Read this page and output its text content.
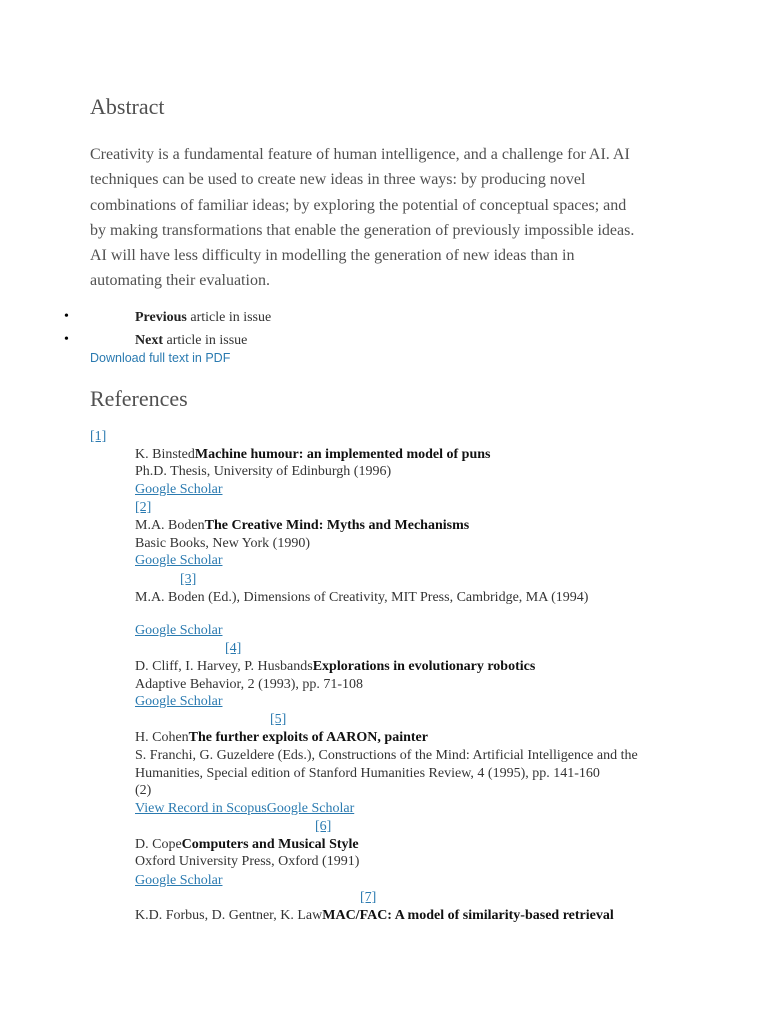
Abstract
Creativity is a fundamental feature of human intelligence, and a challenge for AI. AI
techniques can be used to create new ideas in three ways: by producing novel
combinations of familiar ideas; by exploring the potential of conceptual spaces; and
by making transformations that enable the generation of previously impossible ideas.
AI will have less difficulty in modelling the generation of new ideas than in
automating their evaluation.
•	Previous article in issue
•	Next article in issue
Download full text in PDF
References
[1]
K. BinstedMachine humour: an implemented model of puns
Ph.D. Thesis, University of Edinburgh (1996)
Google Scholar
[2]
M.A. BodenThe Creative Mind: Myths and Mechanisms
Basic Books, New York (1990)
Google Scholar
[3]
M.A. Boden (Ed.), Dimensions of Creativity, MIT Press, Cambridge, MA (1994)
Google Scholar
[4]
D. Cliff, I. Harvey, P. HusbandsExplorations in evolutionary robotics
Adaptive Behavior, 2 (1993), pp. 71-108
Google Scholar
[5]
H. CohenThe further exploits of AARON, painter
S. Franchi, G. Guzeldere (Eds.), Constructions of the Mind: Artificial Intelligence and the
Humanities, Special edition of Stanford Humanities Review, 4 (1995), pp. 141-160
(2)
View Record in ScopusGoogle Scholar
[6]
D. CopeComputers and Musical Style
Oxford University Press, Oxford (1991)
Google Scholar
[7]
K.D. Forbus, D. Gentner, K. LawMAC/FAC: A model of similarity-based retrieval
